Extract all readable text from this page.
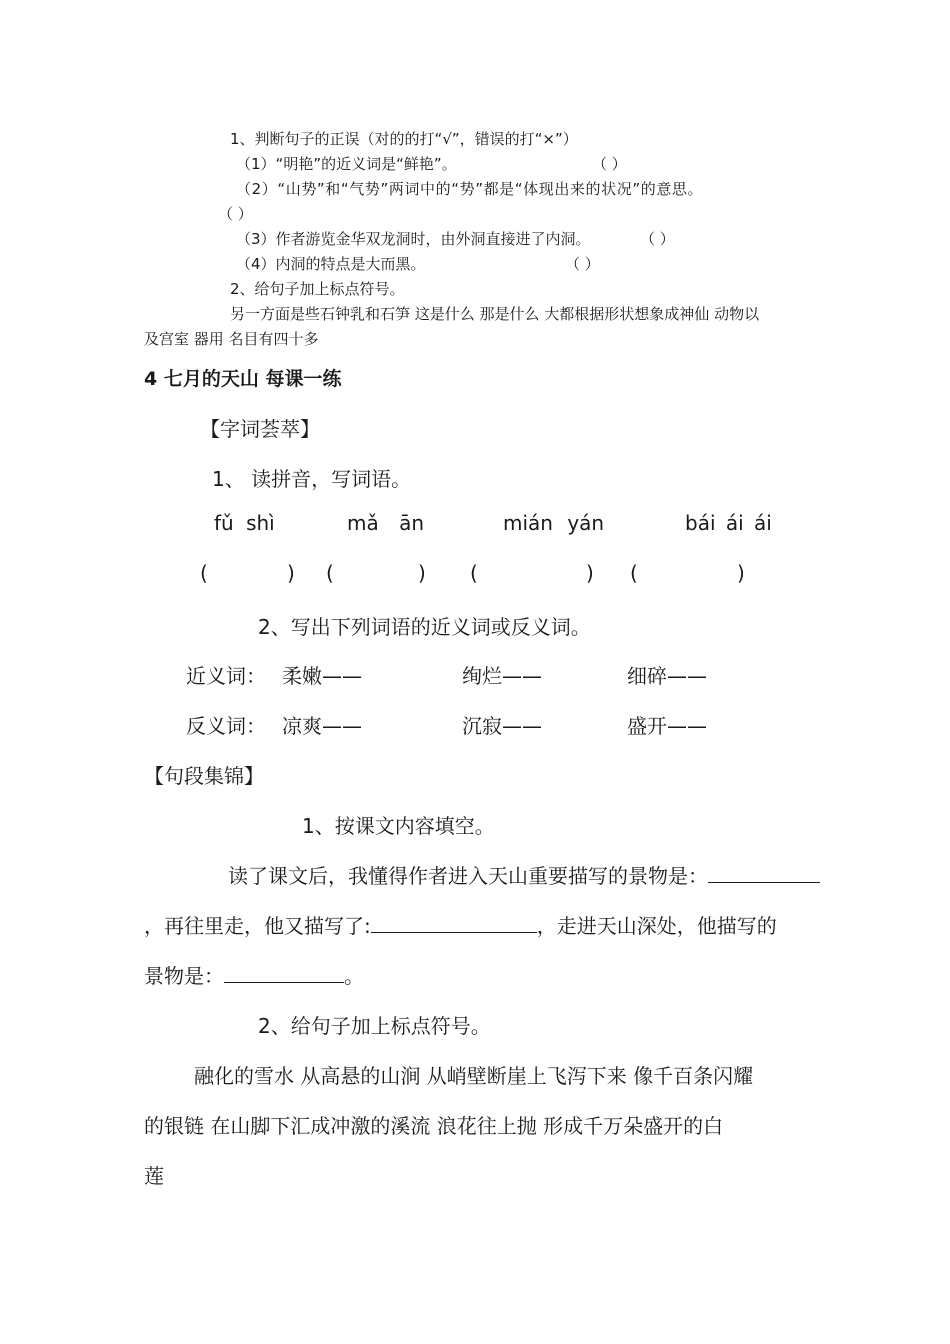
1、判断句子的正误（对的的打“√”，错误的打“×”）
（1）“明艳”的近义词是“鲜艳”。	（ ）
（2）“山势”和“气势”两词中的“势”都是“体现出来的状况”的意思。
（ ）
（3）作者游览金华双龙洞时，由外洞直接进了内洞。	（ ）
（4）内洞的特点是大而黑。	（ ）
2、给句子加上标点符号。
另一方面是些石钟乳和石笋 这是什么 那是什么 大都根据形状想象成神仙 动物以
及宫室 器用 名目有四十多
4 七月的天山 每课一练
【字词荟萃】
1、 读拼音，写词语。
fǔ shì	mǎ ān	mián yán	bái ái ái
(	) (	) (	) (	)
2、写出下列词语的近义词或反义词。
近义词： 柔嫩——	绚烂——	细碎——
反义词： 凉爽——	沉寂——	盛开——
【句段集锦】
1、按课文内容填空。
读了课文后，我懂得作者进入天山重要描写的景物是：
，再往里走，他又描写了:	，走进天山深处，他描写的
景物是：	。
2、给句子加上标点符号。
融化的雪水 从高悬的山涧 从峭壁断崖上飞泻下来 像千百条闪耀
的银链 在山脚下汇成冲激的溪流 浪花往上抛 形成千万朵盛开的白
莲
